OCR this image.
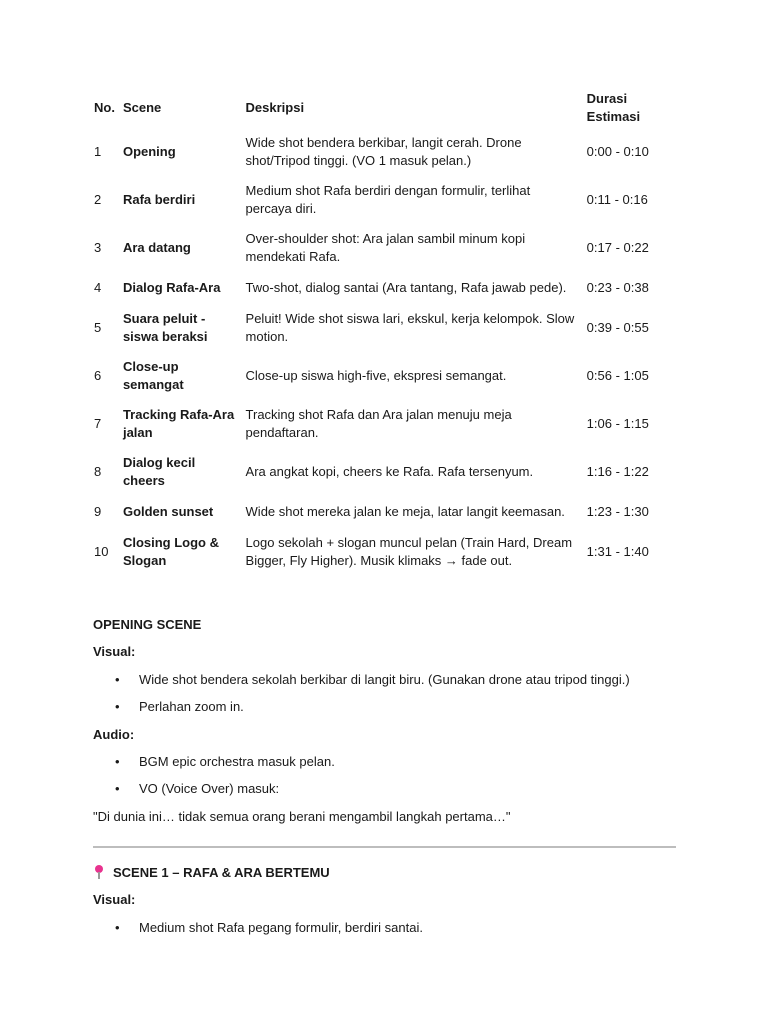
No.	Scene	Deskripsi	Durasi
Estimasi

1	Opening	Wide shot bendera berkibar, langit cerah. Drone shot/Tripod tinggi. (VO 1 masuk pelan.)	0:00 - 0:10
2	Rafa berdiri	Medium shot Rafa berdiri dengan formulir, terlihat percaya diri.	0:11 - 0:16
3	Ara datang	Over-shoulder shot: Ara jalan sambil minum kopi mendekati Rafa.	0:17 - 0:22
4	Dialog Rafa-Ara	Two-shot, dialog santai (Ara tantang, Rafa jawab pede).	0:23 - 0:38
5	Suara peluit - siswa beraksi	Peluit! Wide shot siswa lari, ekskul, kerja kelompok. Slow motion.	0:39 - 0:55
6	Close-up semangat	Close-up siswa high-five, ekspresi semangat.	0:56 - 1:05
7	Tracking Rafa-Ara jalan	Tracking shot Rafa dan Ara jalan menuju meja pendaftaran.	1:06 - 1:15
8	Dialog kecil cheers	Ara angkat kopi, cheers ke Rafa. Rafa tersenyum.	1:16 - 1:22
9	Golden sunset	Wide shot mereka jalan ke meja, latar langit keemasan.	1:23 - 1:30
10	Closing Logo & Slogan	Logo sekolah + slogan muncul pelan (Train Hard, Dream Bigger, Fly Higher). Musik klimaks → fade out.	1:31 - 1:40
OPENING SCENE
Visual:
• Wide shot bendera sekolah berkibar di langit biru. (Gunakan drone atau tripod tinggi.)
• Perlahan zoom in.
Audio:
• BGM epic orchestra masuk pelan.
• VO (Voice Over) masuk:
"Di dunia ini… tidak semua orang berani mengambil langkah pertama…"
SCENE 1 – RAFA & ARA BERTEMU
Visual:
• Medium shot Rafa pegang formulir, berdiri santai.
